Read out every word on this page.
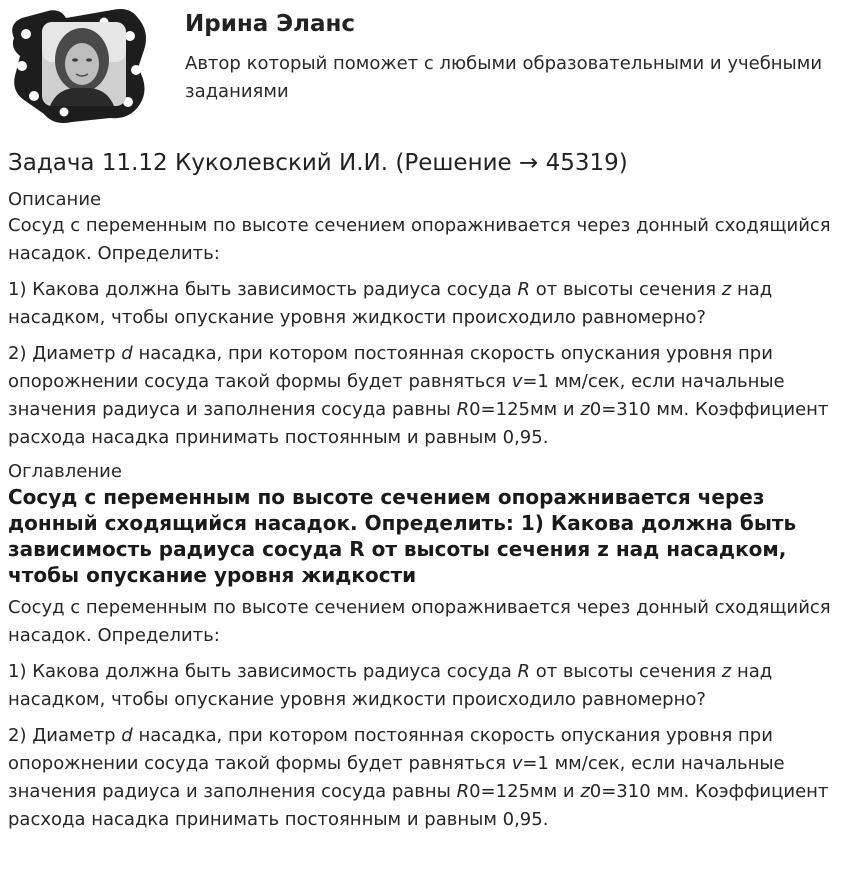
Ирина Эланс

Автор который поможет с любыми образовательными и учебными заданиями

Задача 11.12 Куколевский И.И. (Решение → 45319)
Описание

Сосуд с переменным по высоте сечением опоражнивается через донный сходящийся насадок. Определить:

1) Какова должна быть зависимость радиуса сосуда R от высоты сечения z над насадком, чтобы опускание уровня жидкости происходило равномерно?

2) Диаметр d насадка, при котором постоянная скорость опускания уровня при опорожнении сосуда такой формы будет равняться v=1 мм/сек, если начальные значения радиуса и заполнения сосуда равны R0=125мм и z0=310 мм. Коэффициент расхода насадка принимать постоянным и равным 0,95.

Оглавление
Сосуд с переменным по высоте сечением опоражнивается через донный сходящийся насадок. Определить: 1) Какова должна быть зависимость радиуса сосуда R от высоты сечения z над насадком, чтобы опускание уровня жидкости

Сосуд с переменным по высоте сечением опоражнивается через донный сходящийся насадок. Определить:

1) Какова должна быть зависимость радиуса сосуда R от высоты сечения z над насадком, чтобы опускание уровня жидкости происходило равномерно?

2) Диаметр d насадка, при котором постоянная скорость опускания уровня при опорожнении сосуда такой формы будет равняться v=1 мм/сек, если начальные значения радиуса и заполнения сосуда равны R0=125мм и z0=310 мм. Коэффициент расхода насадка принимать постоянным и равным 0,95.
